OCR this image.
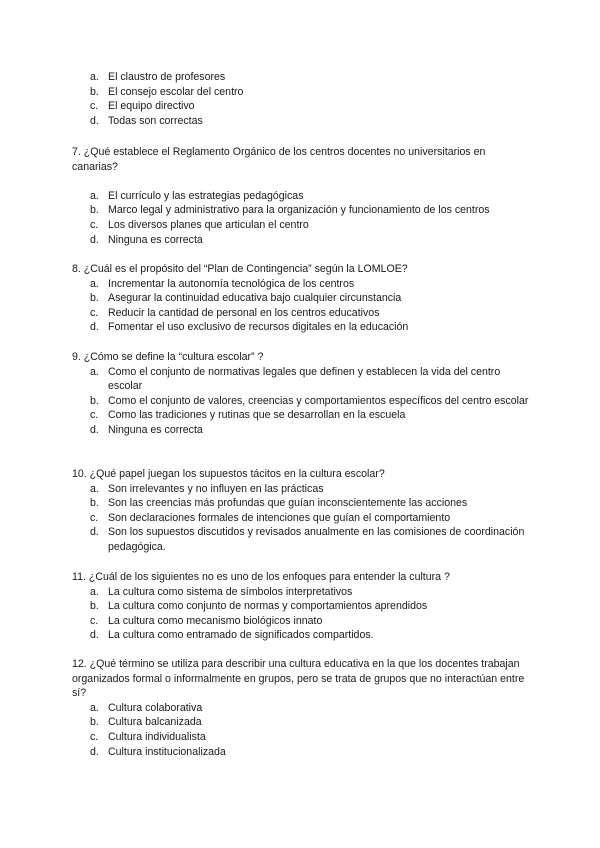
a. El claustro de profesores
b. El consejo escolar del centro
c. El equipo directivo
d. Todas son correctas

7. ¿Qué establece el Reglamento Orgánico de los centros docentes no universitarios en canarias?

a. El currículo y las estrategias pedagógicas
b. Marco legal y administrativo para la organización y funcionamiento de los centros
c. Los diversos planes que articulan el centro
d. Ninguna es correcta

8. ¿Cuál es el propósito del “Plan de Contingencia” según la LOMLOE?

a. Incrementar la autonomía tecnológica de los centros
b. Asegurar la continuidad educativa bajo cualquier circunstancia
c. Reducir la cantidad de personal en los centros educativos
d. Fomentar el uso exclusivo de recursos digitales en la educación

9. ¿Cómo se define la “cultura escolar” ?

a. Como el conjunto de normativas legales que definen y establecen la vida del centro escolar
b. Como el conjunto de valores, creencias y comportamientos específicos del centro escolar
c. Como las tradiciones y rutinas que se desarrollan en la escuela
d. Ninguna es correcta

10. ¿Qué papel juegan los supuestos tácitos en la cultura escolar?

a. Son irrelevantes y no influyen en las prácticas
b. Son las creencias más profundas que guían inconscientemente las acciones
c. Son declaraciones formales de intenciones que guían el comportamiento
d. Son los supuestos discutidos y revisados anualmente en las comisiones de coordinación pedagógica.

11. ¿Cuál de los siguientes no es uno de los enfoques para entender la cultura ?

a. La cultura como sistema de símbolos interpretativos
b. La cultura como conjunto de normas y comportamientos aprendidos
c. La cultura como mecanismo biológicos innato
d. La cultura como entramado de significados compartidos.

12. ¿Qué término se utiliza para describir una cultura educativa en la que los docentes trabajan organizados formal o informalmente en grupos, pero se trata de grupos que no interactúan entre sí?

a. Cultura colaborativa
b. Cultura balcanizada
c. Cultura individualista
d. Cultura institucionalizada
